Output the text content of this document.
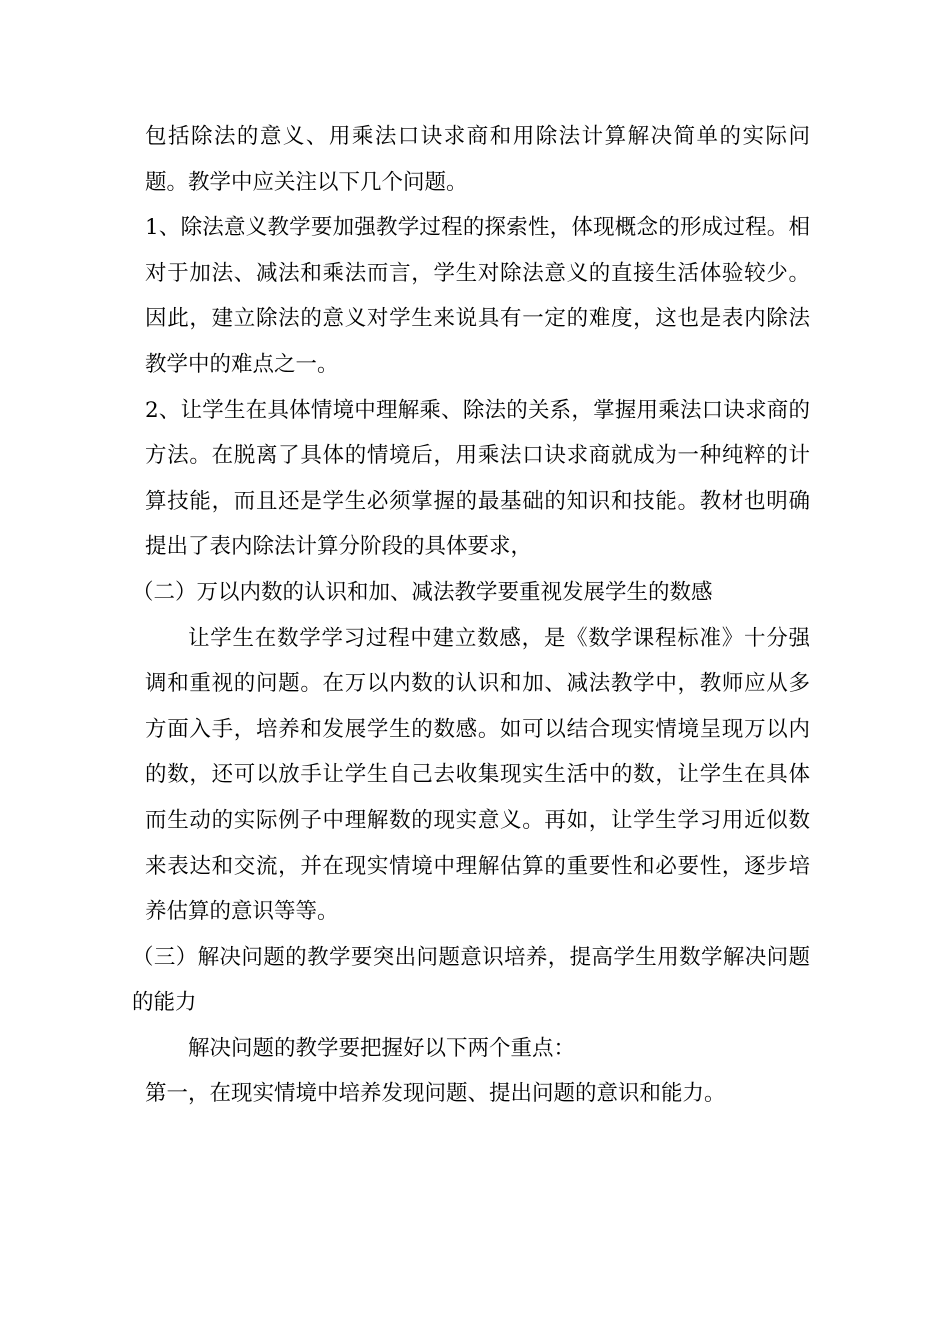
包括除法的意义、用乘法口诀求商和用除法计算解决简单的实际问题。教学中应关注以下几个问题。

1、除法意义教学要加强教学过程的探索性，体现概念的形成过程。相对于加法、减法和乘法而言，学生对除法意义的直接生活体验较少。因此，建立除法的意义对学生来说具有一定的难度，这也是表内除法教学中的难点之一。

2、让学生在具体情境中理解乘、除法的关系，掌握用乘法口诀求商的方法。在脱离了具体的情境后，用乘法口诀求商就成为一种纯粹的计算技能，而且还是学生必须掌握的最基础的知识和技能。教材也明确提出了表内除法计算分阶段的具体要求，

（二）万以内数的认识和加、减法教学要重视发展学生的数感

让学生在数学学习过程中建立数感，是《数学课程标准》十分强调和重视的问题。在万以内数的认识和加、减法教学中，教师应从多方面入手，培养和发展学生的数感。如可以结合现实情境呈现万以内的数，还可以放手让学生自己去收集现实生活中的数，让学生在具体而生动的实际例子中理解数的现实意义。再如，让学生学习用近似数来表达和交流，并在现实情境中理解估算的重要性和必要性，逐步培养估算的意识等等。

（三）解决问题的教学要突出问题意识培养，提高学生用数学解决问题的能力

解决问题的教学要把握好以下两个重点：

第一，在现实情境中培养发现问题、提出问题的意识和能力。
